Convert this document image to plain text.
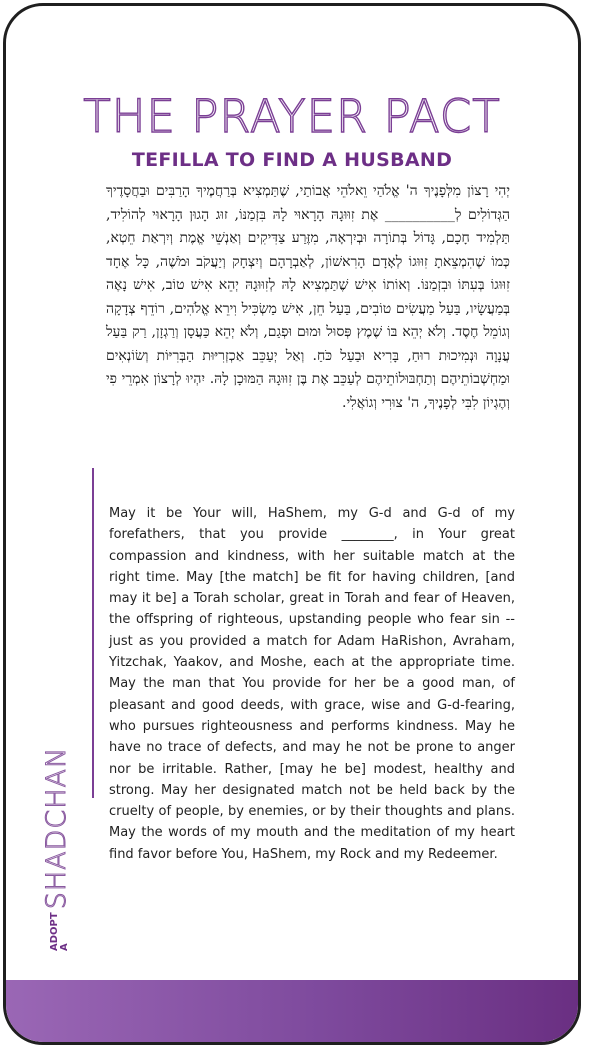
THE PRAYER PACT
TEFILLA TO FIND A HUSBAND
יְהִי רָצוֹן מִלְּפָנֶיךָ ה' אֱלֹהַי וֵאלֹהֵי אֲבוֹתַי, שֶׁתַּמְצִיא בְּרַחֲמֶיךָ הָרַבִּים וּבַחֲסָדֶיךָ הַגְּדוֹלִים לְ__________ אֶת זִוּוּגָהּ הָרָאוּי לָהּ בִּזְמַנּוֹ, זוּג הָגוּן הָרָאוּי לְהוֹלִיד, תַּלְמִיד חָכָם, גָּדוֹל בְּתוֹרָה וּבְיִרְאָה, מִזֶּרַע צַדִּיקִים וְאַנְשֵׁי אֱמֶת וְיִרְאַת חֵטְא, כְּמוֹ שֶׁהִמְצֵאתָ זִוּוּגוֹ לְאָדָם הָרִאשׁוֹן, לְאַבְרָהָם וְיִצְחָק וְיַעֲקֹב וּמֹשֶׁה, כָּל אֶחָד זִוּוּגוֹ בְּעִתּוֹ וּבִזְמַנּוֹ. וְאוֹתוֹ אִישׁ שֶׁתַּמְצִיא לָהּ לְזִוּוּגָהּ יְהֵא אִישׁ טוֹב, אִישׁ נָאֶה בְּמַעֲשָׂיו, בַּעַל מַעֲשִׂים טוֹבִים, בַּעַל חֵן, אִישׁ מַשְׂכִּיל וִירֵא אֱלֹהִים, רוֹדֵף צְדָקָה וְגוֹמֵל חֶסֶד. וְלֹא יְהֵא בּוֹ שֶׁמֶץ פְּסוּל וּמוּם וּפְגַם, וְלֹא יְהֵא כַּעֲסָן וְרַגְזָן, רַק בַּעַל עֲנָוָה וּנְמִיכוּת רוּחַ, בָּרִיא וּבַעַל כֹּחַ. וְאַל יְעַכֵּב אַכְזְרִיּוּת הַבְּרִיּוֹת וְשׂוֹנְאִים וּמַחְשְׁבוֹתֵיהֶם וְתַחְבּוּלוֹתֵיהֶם לְעַכֵּב אֶת בֶּן זִוּוּגָהּ הַמּוּכָן לָהּ. יִהְיוּ לְרָצוֹן אִמְרֵי פִי וְהֶגְיוֹן לִבִּי לְפָנֶיךָ, ה' צוּרִי וְגוֹאֲלִי.
May it be Your will, HaShem, my G-d and G-d of my forefathers, that you provide ________, in Your great compassion and kindness, with her suitable match at the right time. May [the match] be fit for having children, [and may it be] a Torah scholar, great in Torah and fear of Heaven, the offspring of righteous, upstanding people who fear sin -- just as you provided a match for Adam HaRishon, Avraham, Yitzchak, Yaakov, and Moshe, each at the appropriate time. May the man that You provide for her be a good man, of pleasant and good deeds, with grace, wise and G-d-fearing, who pursues righteousness and performs kindness. May he have no trace of defects, and may he not be prone to anger nor be irritable. Rather, [may he be] modest, healthy and strong. May her designated match not be held back by the cruelty of people, by enemies, or by their thoughts and plans. May the words of my mouth and the meditation of my heart find favor before You, HaShem, my Rock and my Redeemer.
ADOPT A
SHADCHAN
